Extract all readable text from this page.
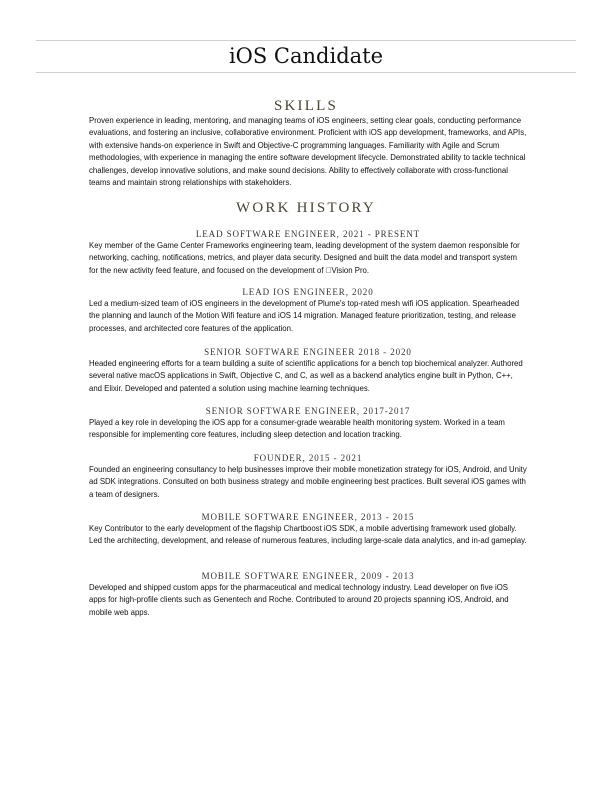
iOS Candidate
SKILLS
Proven experience in leading, mentoring, and managing teams of iOS engineers, setting clear goals, conducting performance evaluations, and fostering an inclusive, collaborative environment. Proficient with iOS app development, frameworks, and APIs, with extensive hands-on experience in Swift and Objective-C programming languages. Familiarity with Agile and Scrum methodologies, with experience in managing the entire software development lifecycle. Demonstrated ability to tackle technical challenges, develop innovative solutions, and make sound decisions. Ability to effectively collaborate with cross-functional teams and maintain strong relationships with stakeholders.
WORK HISTORY
LEAD SOFTWARE ENGINEER, 2021 - PRESENT
Key member of the Game Center Frameworks engineering team, leading development of the system daemon responsible for networking, caching, notifications, metrics, and player data security. Designed and built the data model and transport system for the new activity feed feature, and focused on the development of Vision Pro.
LEAD IOS ENGINEER, 2020
Led a medium-sized team of iOS engineers in the development of Plume's top-rated mesh wifi iOS application. Spearheaded the planning and launch of the Motion Wifi feature and iOS 14 migration. Managed feature prioritization, testing, and release processes, and architected core features of the application.
SENIOR SOFTWARE ENGINEER 2018 - 2020
Headed engineering efforts for a team building a suite of scientific applications for a bench top biochemical analyzer. Authored several native macOS applications in Swift, Objective C, and C, as well as a backend analytics engine built in Python, C++, and Elixir. Developed and patented a solution using machine learning techniques.
SENIOR SOFTWARE ENGINEER, 2017-2017
Played a key role in developing the iOS app for a consumer-grade wearable health monitoring system. Worked in a team responsible for implementing core features, including sleep detection and location tracking.
FOUNDER, 2015 - 2021
Founded an engineering consultancy to help businesses improve their mobile monetization strategy for iOS, Android, and Unity ad SDK integrations. Consulted on both business strategy and mobile engineering best practices. Built several iOS games with a team of designers.
MOBILE SOFTWARE ENGINEER, 2013 - 2015
Key Contributor to the early development of the flagship Chartboost iOS SDK, a mobile advertising framework used globally. Led the architecting, development, and release of numerous features, including large-scale data analytics, and in-ad gameplay.
MOBILE SOFTWARE ENGINEER, 2009 - 2013
Developed and shipped custom apps for the pharmaceutical and medical technology industry. Lead developer on five iOS apps for high-profile clients such as Genentech and Roche. Contributed to around 20 projects spanning iOS, Android, and mobile web apps.
